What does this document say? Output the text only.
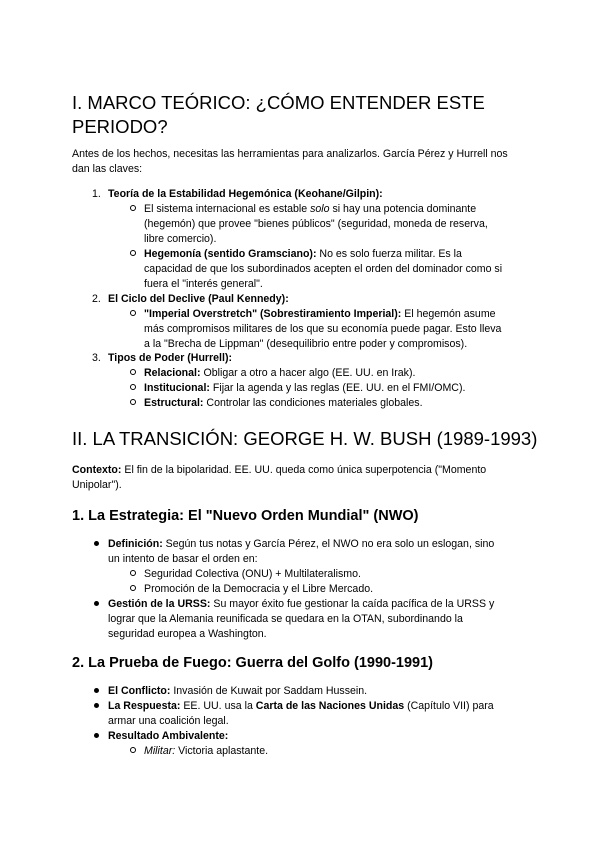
I. MARCO TEÓRICO: ¿CÓMO ENTENDER ESTE PERIODO?

Antes de los hechos, necesitas las herramientas para analizarlos. García Pérez y Hurrell nos dan las claves:

1. Teoría de la Estabilidad Hegemónica (Keohane/Gilpin):
El sistema internacional es estable solo si hay una potencia dominante
(hegemón) que provee "bienes públicos" (seguridad, moneda de reserva,
libre comercio).
Hegemonía (sentido Gramsciano): No es solo fuerza militar. Es la
capacidad de que los subordinados acepten el orden del dominador como si
fuera el "interés general".
2. El Ciclo del Declive (Paul Kennedy):
"Imperial Overstretch" (Sobrestiramiento Imperial): El hegemón asume
más compromisos militares de los que su economía puede pagar. Esto lleva
a la "Brecha de Lippman" (desequilibrio entre poder y compromisos).
3. Tipos de Poder (Hurrell):
Relacional: Obligar a otro a hacer algo (EE. UU. en Irak).
Institucional: Fijar la agenda y las reglas (EE. UU. en el FMI/OMC).
Estructural: Controlar las condiciones materiales globales.
II. LA TRANSICIÓN: GEORGE H. W. BUSH (1989-1993)
Contexto: El fin de la bipolaridad. EE. UU. queda como única superpotencia ("Momento
Unipolar").
1. La Estrategia: El "Nuevo Orden Mundial" (NWO)
Definición: Según tus notas y García Pérez, el NWO no era solo un eslogan, sino
un intento de basar el orden en:
Seguridad Colectiva (ONU) + Multilateralismo.
Promoción de la Democracia y el Libre Mercado.
Gestión de la URSS: Su mayor éxito fue gestionar la caída pacífica de la URSS y
lograr que la Alemania reunificada se quedara en la OTAN, subordinando la
seguridad europea a Washington.
2. La Prueba de Fuego: Guerra del Golfo (1990-1991)
El Conflicto: Invasión de Kuwait por Saddam Hussein.
La Respuesta: EE. UU. usa la Carta de las Naciones Unidas (Capítulo VII) para
armar una coalición legal.
Resultado Ambivalente:
Militar: Victoria aplastante.
